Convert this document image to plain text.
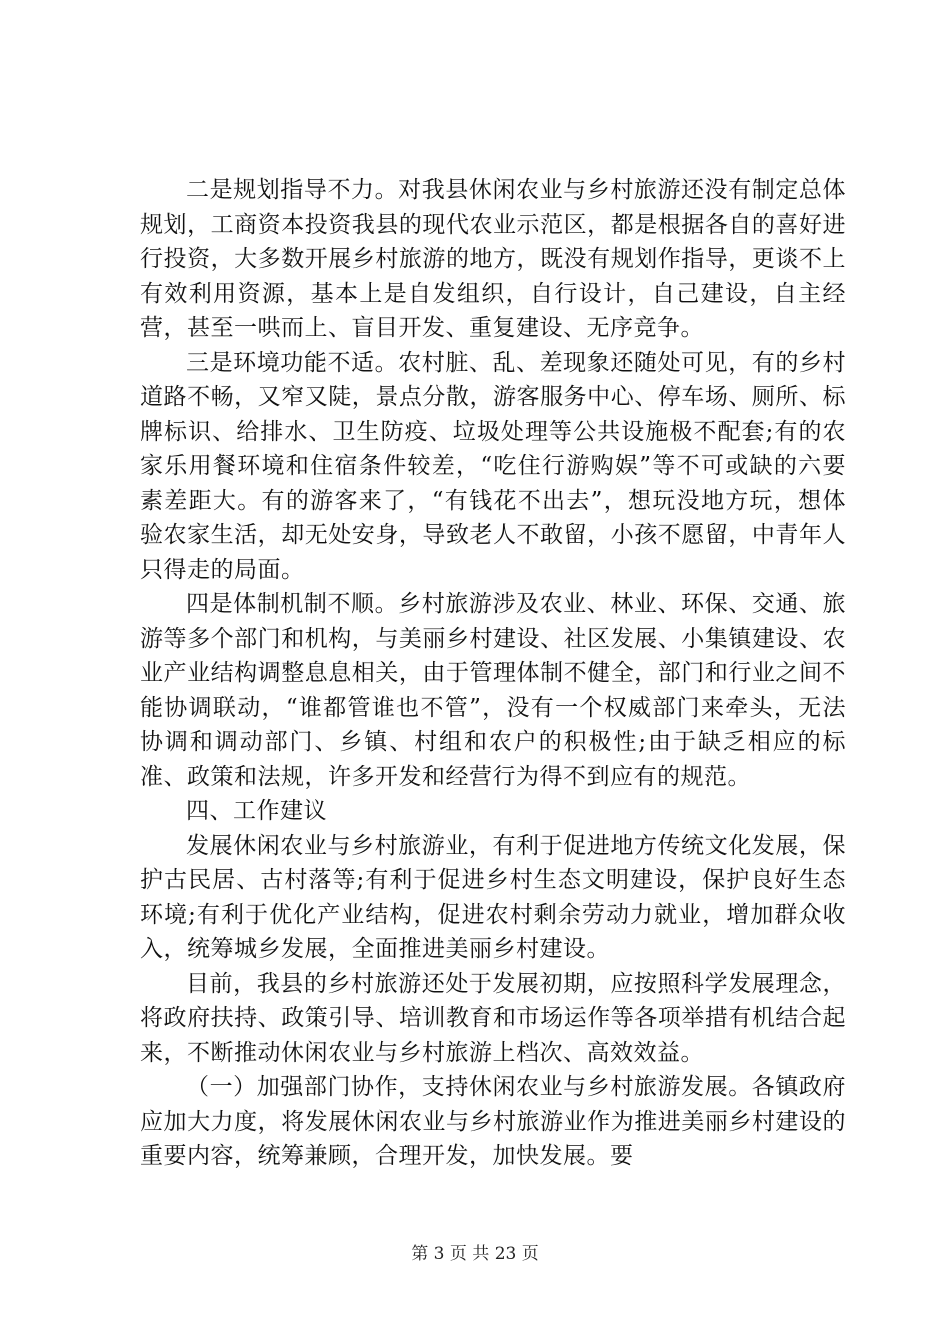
二是规划指导不力。对我县休闲农业与乡村旅游还没有制定总体规划，工商资本投资我县的现代农业示范区，都是根据各自的喜好进行投资，大多数开展乡村旅游的地方，既没有规划作指导，更谈不上有效利用资源，基本上是自发组织，自行设计，自己建设，自主经营，甚至一哄而上、盲目开发、重复建设、无序竞争。

三是环境功能不适。农村脏、乱、差现象还随处可见，有的乡村道路不畅，又窄又陡，景点分散，游客服务中心、停车场、厕所、标牌标识、给排水、卫生防疫、垃圾处理等公共设施极不配套;有的农家乐用餐环境和住宿条件较差，“吃住行游购娱”等不可或缺的六要素差距大。有的游客来了，“有钱花不出去”，想玩没地方玩，想体验农家生活，却无处安身，导致老人不敢留，小孩不愿留，中青年人只得走的局面。

四是体制机制不顺。乡村旅游涉及农业、林业、环保、交通、旅游等多个部门和机构，与美丽乡村建设、社区发展、小集镇建设、农业产业结构调整息息相关，由于管理体制不健全，部门和行业之间不能协调联动，“谁都管谁也不管”，没有一个权威部门来牵头，无法协调和调动部门、乡镇、村组和农户的积极性;由于缺乏相应的标准、政策和法规，许多开发和经营行为得不到应有的规范。

四、工作建议

发展休闲农业与乡村旅游业，有利于促进地方传统文化发展，保护古民居、古村落等;有利于促进乡村生态文明建设，保护良好生态环境;有利于优化产业结构，促进农村剩余劳动力就业，增加群众收入，统筹城乡发展，全面推进美丽乡村建设。

目前，我县的乡村旅游还处于发展初期，应按照科学发展理念，将政府扶持、政策引导、培训教育和市场运作等各项举措有机结合起来，不断推动休闲农业与乡村旅游上档次、高效效益。

（一）加强部门协作，支持休闲农业与乡村旅游发展。各镇政府应加大力度，将发展休闲农业与乡村旅游业作为推进美丽乡村建设的重要内容，统筹兼顾，合理开发，加快发展。要

第 3 页 共 23 页
